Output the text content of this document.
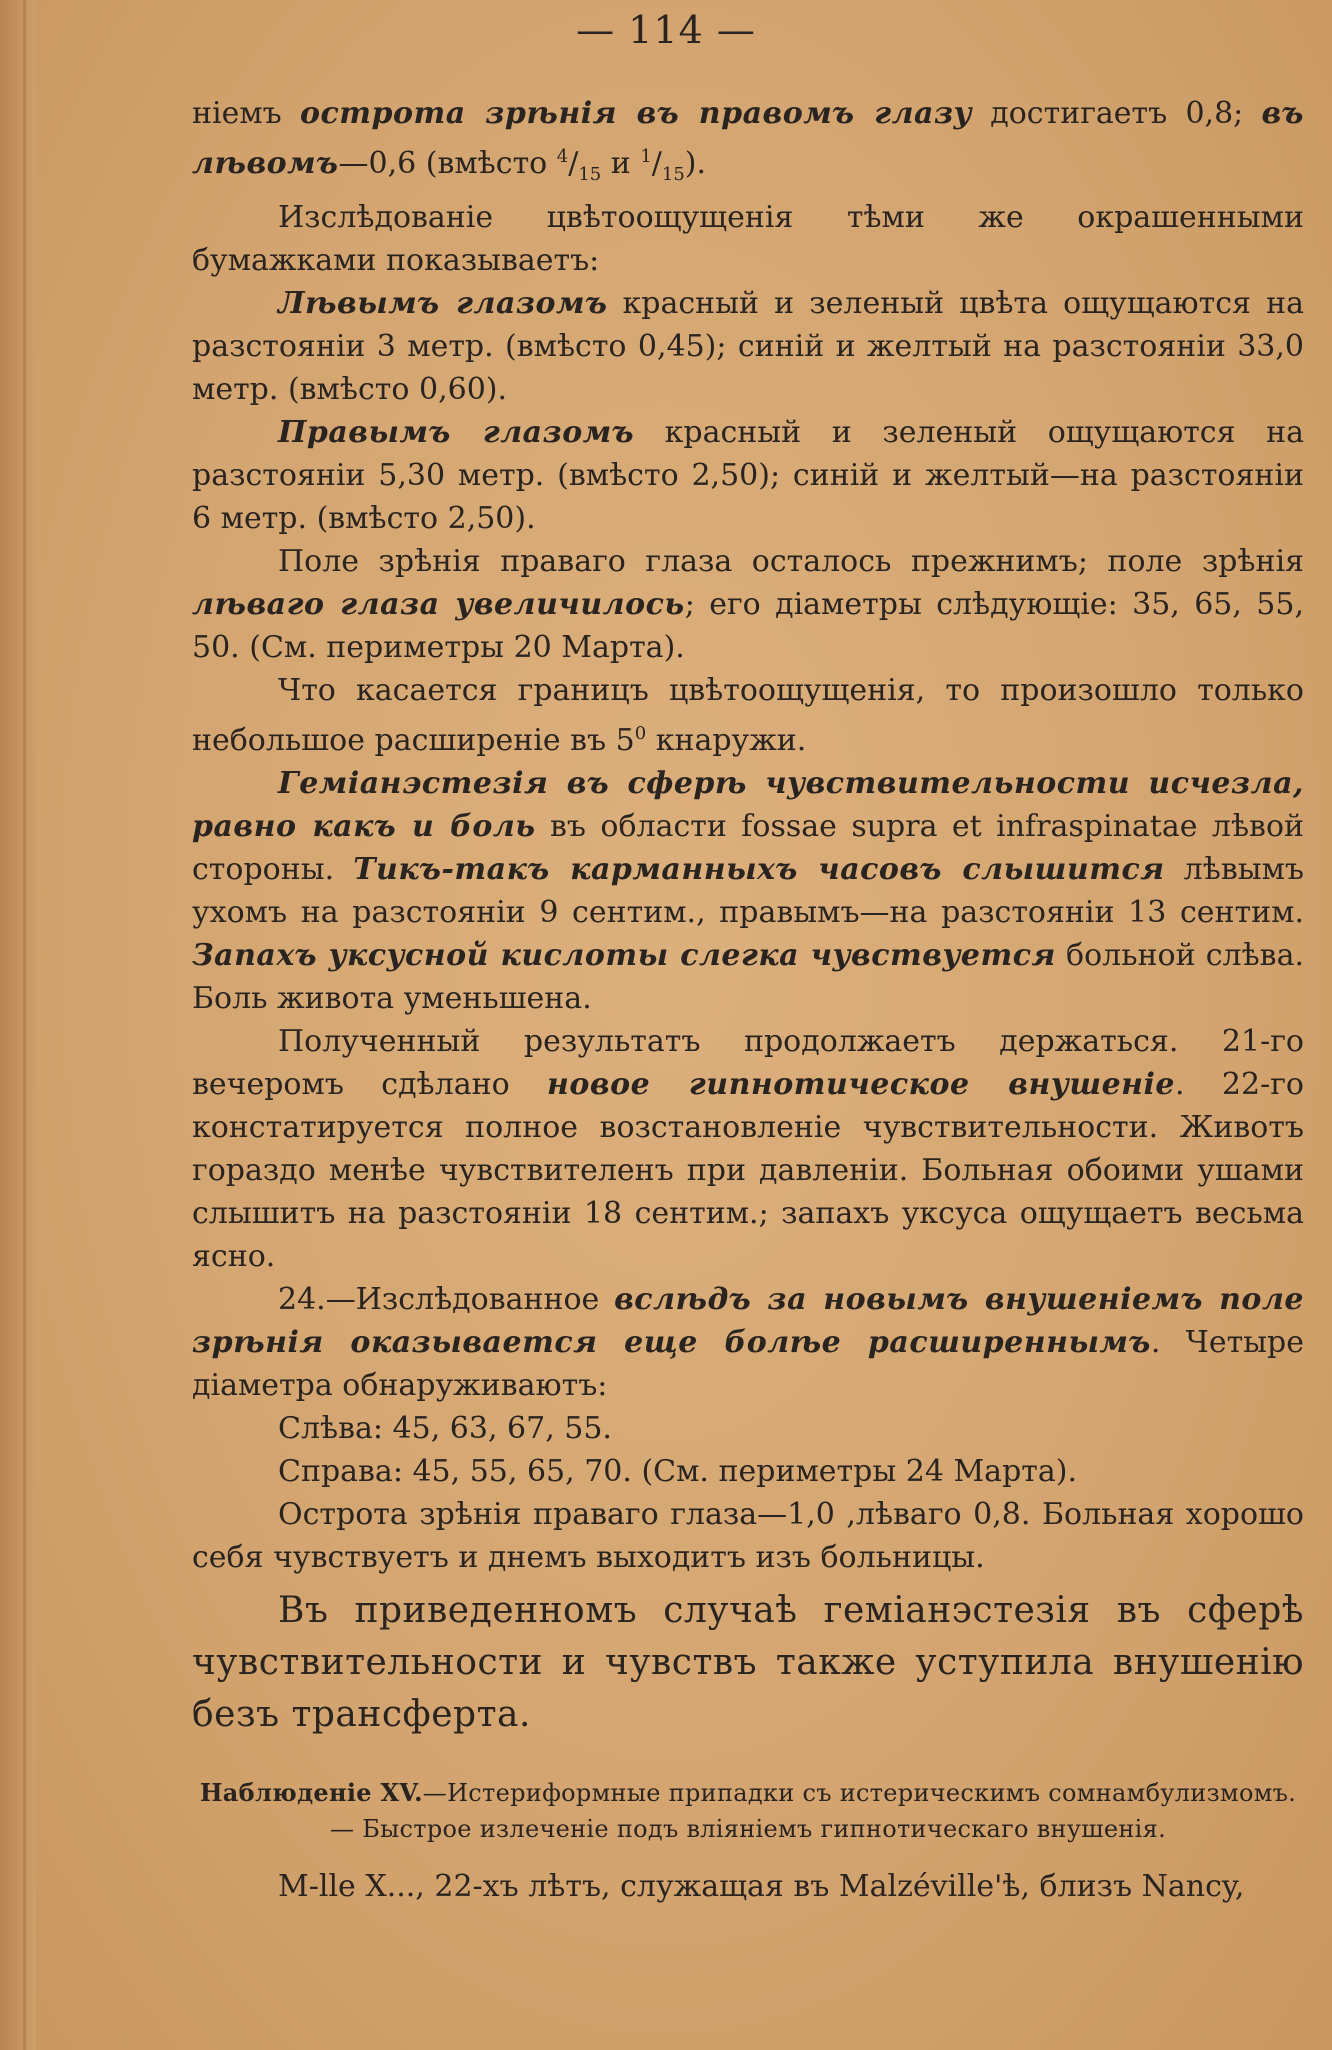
— 114 —

ніемъ острота зрѣнія въ правомъ глазу достигаетъ 0,8; въ лѣвомъ—0,6 (вмѣсто $^4/_{15}$ и $^1/_{15}$).

Изслѣдованіе цвѣтоощущенія тѣми же окрашенными бумажками показываетъ:

Лѣвымъ глазомъ красный и зеленый цвѣта ощущаются на разстояніи 3 метр. (вмѣсто 0,45); синій и желтый на разстояніи 33,0 метр. (вмѣсто 0,60).

Правымъ глазомъ красный и зеленый ощущаются на разстояніи 5,30 метр. (вмѣсто 2,50); синій и желтый—на разстояніи 6 метр. (вмѣсто 2,50).

Поле зрѣнія праваго глаза осталось прежнимъ; поле зрѣнія лѣваго глаза увеличилось; его діаметры слѣдующіе: 35, 65, 55, 50. (См. периметры 20 Марта).

Что касается границъ цвѣтоощущенія, то произошло только небольшое расширеніе въ $5^0$ кнаружи.

Геміанэстезія въ сферѣ чувствительности исчезла, равно какъ и боль въ области fossae supra et infraspinatae лѣвой стороны. Тикъ-такъ карманныхъ часовъ слышится лѣвымъ ухомъ на разстояніи 9 сентим., правымъ—на разстояніи 13 сентим. Запахъ уксусной кислоты слегка чувствуется больной слѣва. Боль живота уменьшена.

Полученный результатъ продолжаетъ держаться. 21-го вечеромъ сдѣлано новое гипнотическое внушеніе. 22-го констатируется полное возстановленіе чувствительности. Животъ гораздо менѣе чувствителенъ при давленіи. Больная обоими ушами слышитъ на разстояніи 18 сентим.; запахъ уксуса ощущаетъ весьма ясно.

24.—Изслѣдованное вслѣдъ за новымъ внушеніемъ поле зрѣнія оказывается еще болѣе расширеннымъ. Четыре діаметра обнаруживаютъ:

Слѣва: 45, 63, 67, 55.

Справа: 45, 55, 65, 70. (См. периметры 24 Марта).

Острота зрѣнія праваго глаза—1,0 ,лѣваго 0,8. Больная хорошо себя чувствуетъ и днемъ выходитъ изъ больницы.

Въ приведенномъ случаѣ геміанэстезія въ сферѣ чувствительности и чувствъ также уступила внушенію безъ трансферта.

Наблюденіе XV.—Истериформные припадки съ истерическимъ сомнамбулизмомъ.— Быстрое излеченіе подъ вліяніемъ гипнотическаго внушенія.

M-lle X..., 22-хъ лѣтъ, служащая въ Malzéville'ѣ, близъ Nancy,
